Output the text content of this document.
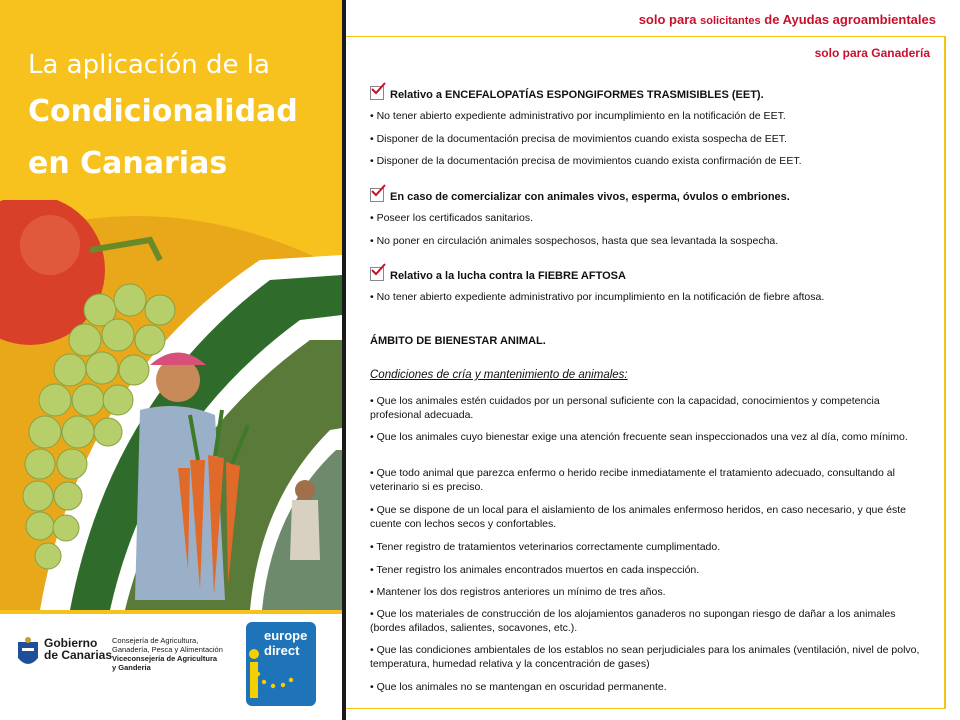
La aplicación de la
Condicionalidad
en Canarias
Gobierno
de Canarias
Consejería de Agricultura,
Ganadería, Pesca y Alimentación
Viceconsejería de Agricultura
y Ganderia
europe
direct
solo para solicitantes de Ayudas agroambientales
solo para Ganadería
Relativo a ENCEFALOPATÍAS ESPONGIFORMES TRASMISIBLES (EET).
• No tener abierto expediente administrativo por incumplimiento en la notificación de EET.
• Disponer de la documentación precisa de movimientos cuando exista sospecha de EET.
• Disponer de la documentación precisa de movimientos cuando exista confirmación de EET.
En caso de comercializar con animales vivos, esperma, óvulos o embriones.
• Poseer los certificados sanitarios.
• No poner en circulación animales sospechosos, hasta que sea levantada la sospecha.
Relativo a la lucha contra la FIEBRE AFTOSA
• No tener abierto expediente administrativo por incumplimiento en la notificación de fiebre aftosa.
ÁMBITO DE BIENESTAR ANIMAL.
Condiciones de cría y mantenimiento de animales:
• Que los animales estén cuidados por un personal suficiente con la capacidad, conocimientos y competencia profesional adecuada.
• Que los animales cuyo bienestar exige una atención frecuente sean inspeccionados una vez al día, como mínimo.
• Que todo animal que parezca enfermo o herido recibe inmediatamente el tratamiento adecuado, consultando al veterinario si es preciso.
• Que se dispone de un local para el aislamiento de los animales enfermoso heridos, en caso necesario, y que éste cuente con lechos secos y confortables.
• Tener registro de tratamientos veterinarios correctamente cumplimentado.
• Tener registro los animales encontrados muertos en cada inspección.
• Mantener los dos registros anteriores un mínimo de tres años.
• Que los materiales de construcción de los alojamientos ganaderos no supongan riesgo de dañar a los animales (bordes afilados, salientes, socavones, etc.).
• Que las condiciones ambientales de los establos no sean perjudiciales para los animales (ventilación, nivel de polvo, temperatura, humedad relativa y la concentración de gases)
• Que los animales no se mantengan en oscuridad permanente.
